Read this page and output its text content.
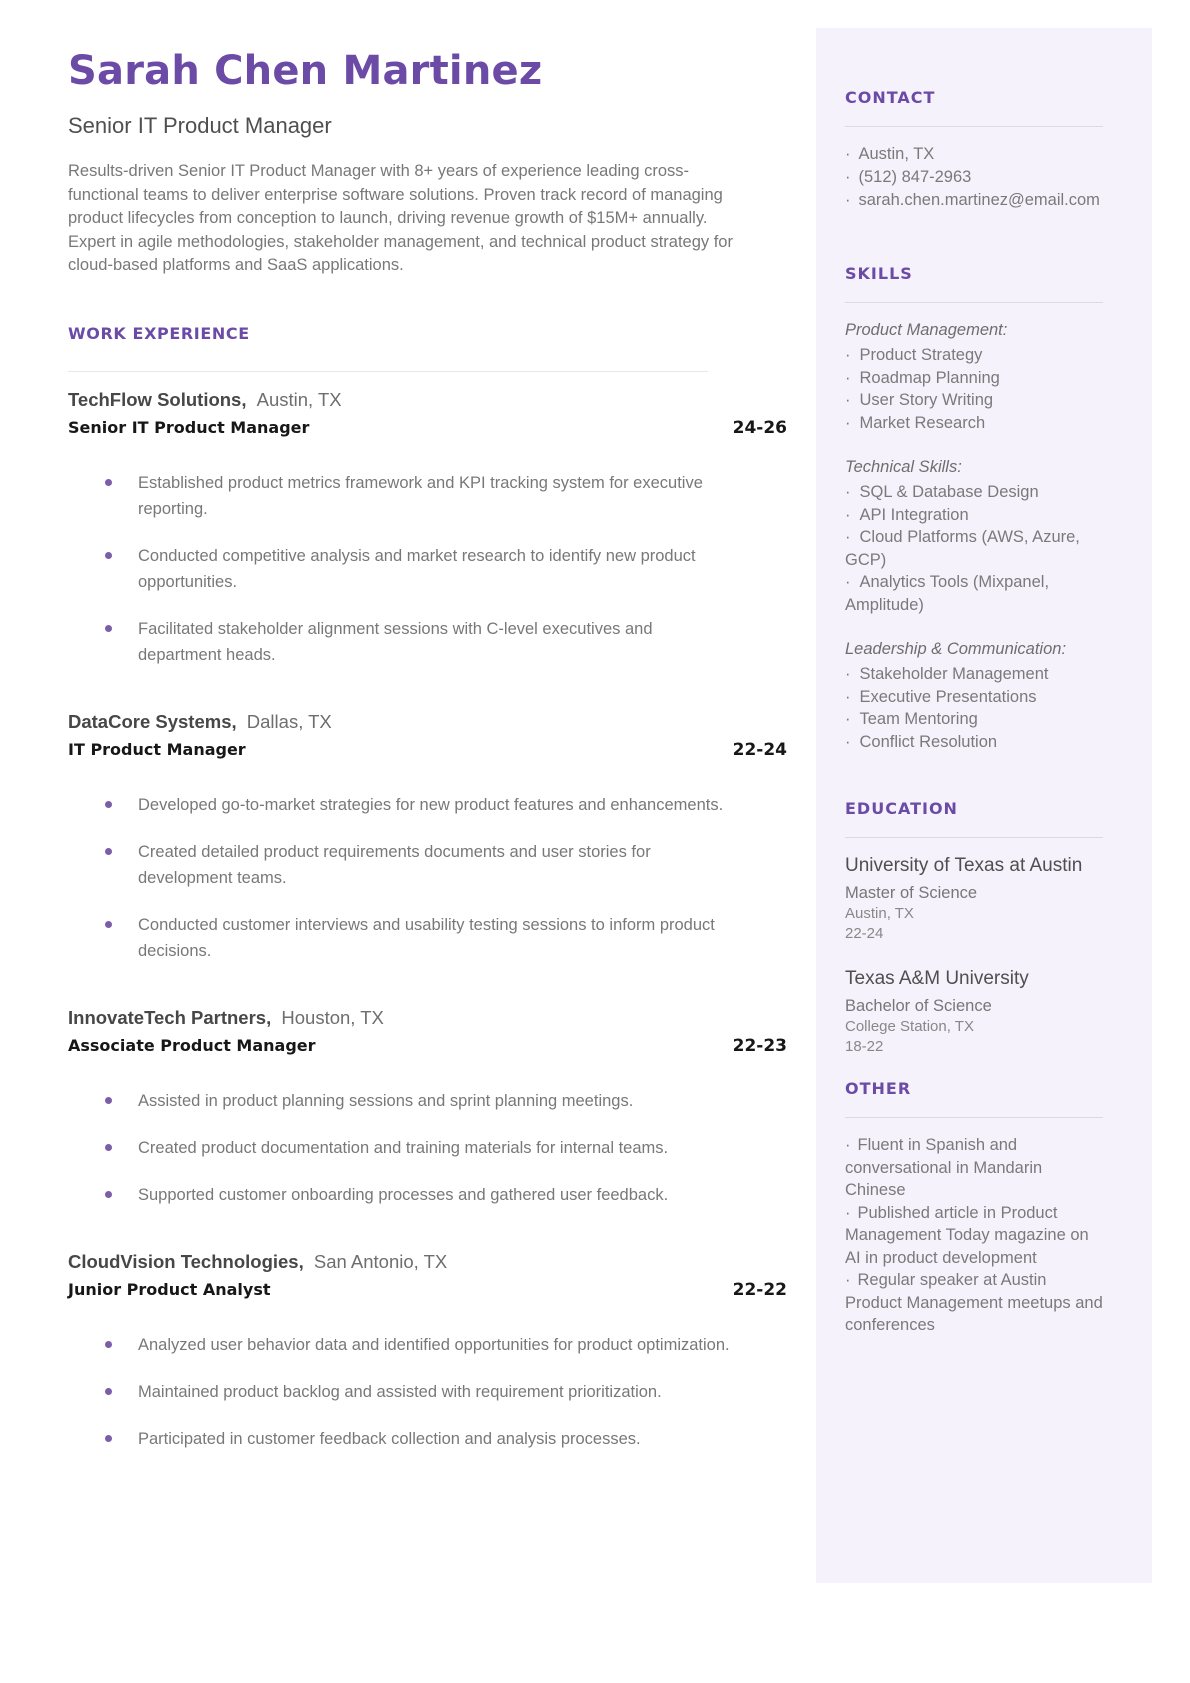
Sarah Chen Martinez
Senior IT Product Manager

Results-driven Senior IT Product Manager with 8+ years of experience leading cross-functional teams to deliver enterprise software solutions. Proven track record of managing product lifecycles from conception to launch, driving revenue growth of $15M+ annually. Expert in agile methodologies, stakeholder management, and technical product strategy for cloud-based platforms and SaaS applications.

WORK EXPERIENCE
TechFlow Solutions, Austin, TX
Senior IT Product Manager	24-26
Established product metrics framework and KPI tracking system for executive reporting.
Conducted competitive analysis and market research to identify new product opportunities.
Facilitated stakeholder alignment sessions with C-level executives and department heads.
DataCore Systems, Dallas, TX
IT Product Manager	22-24
Developed go-to-market strategies for new product features and enhancements.
Created detailed product requirements documents and user stories for development teams.
Conducted customer interviews and usability testing sessions to inform product decisions.
InnovateTech Partners, Houston, TX
Associate Product Manager	22-23
Assisted in product planning sessions and sprint planning meetings.
Created product documentation and training materials for internal teams.
Supported customer onboarding processes and gathered user feedback.
CloudVision Technologies, San Antonio, TX
Junior Product Analyst	22-22
Analyzed user behavior data and identified opportunities for product optimization.
Maintained product backlog and assisted with requirement prioritization.
Participated in customer feedback collection and analysis processes.
CONTACT
· Austin, TX
· (512) 847-2963
· sarah.chen.martinez@email.com
SKILLS
Product Management:
· Product Strategy
· Roadmap Planning
· User Story Writing
· Market Research
Technical Skills:
· SQL & Database Design
· API Integration
· Cloud Platforms (AWS, Azure, GCP)
· Analytics Tools (Mixpanel, Amplitude)
Leadership & Communication:
· Stakeholder Management
· Executive Presentations
· Team Mentoring
· Conflict Resolution
EDUCATION
University of Texas at Austin
Master of Science
Austin, TX
22-24
Texas A&M University
Bachelor of Science
College Station, TX
18-22
OTHER
· Fluent in Spanish and conversational in Mandarin Chinese
· Published article in Product Management Today magazine on AI in product development
· Regular speaker at Austin Product Management meetups and conferences
